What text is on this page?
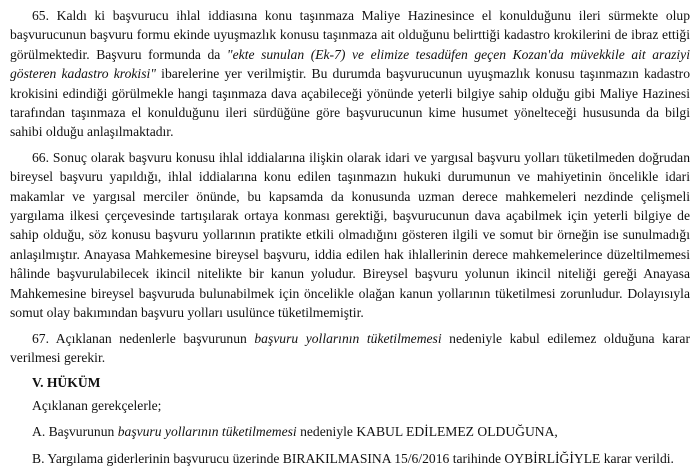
65. Kaldı ki başvurucu ihlal iddiasına konu taşınmaza Maliye Hazinesince el konulduğunu ileri sürmekte olup başvurucunun başvuru formu ekinde uyuşmazlık konusu taşınmaza ait olduğunu belirttiği kadastro krokilerini de ibraz ettiği görülmektedir. Başvuru formunda da "ekte sunulan (Ek-7) ve elimize tesadüfen geçen Kozan'da müvekkile ait araziyi gösteren kadastro krokisi" ibarelerine yer verilmiştir. Bu durumda başvurucunun uyuşmazlık konusu taşınmazın kadastro krokisini edindiği görülmekle hangi taşınmaza dava açabileceği yönünde yeterli bilgiye sahip olduğu gibi Maliye Hazinesi tarafından taşınmaza el konulduğunu ileri sürdüğüne göre başvurucunun kime husumet yönelteceği hususunda da bilgi sahibi olduğu anlaşılmaktadır.

66. Sonuç olarak başvuru konusu ihlal iddialarına ilişkin olarak idari ve yargısal başvuru yolları tüketilmeden doğrudan bireysel başvuru yapıldığı, ihlal iddialarına konu edilen taşınmazın hukuki durumunun ve mahiyetinin öncelikle idari makamlar ve yargısal merciler önünde, bu kapsamda da konusunda uzman derece mahkemeleri nezdinde çelişmeli yargılama ilkesi çerçevesinde tartışılarak ortaya konması gerektiği, başvurucunun dava açabilmek için yeterli bilgiye de sahip olduğu, söz konusu başvuru yollarının pratikte etkili olmadığını gösteren ilgili ve somut bir örneğin ise sunulmadığı anlaşılmıştır. Anayasa Mahkemesine bireysel başvuru, iddia edilen hak ihlallerinin derece mahkemelerince düzeltilmemesi hâlinde başvurulabilecek ikincil nitelikte bir kanun yoludur. Bireysel başvuru yolunun ikincil niteliği gereği Anayasa Mahkemesine bireysel başvuruda bulunabilmek için öncelikle olağan kanun yollarının tüketilmesi zorunludur. Dolayısıyla somut olay bakımından başvuru yolları usulünce tüketilmemiştir.

67. Açıklanan nedenlerle başvurunun başvuru yollarının tüketilmemesi nedeniyle kabul edilemez olduğuna karar verilmesi gerekir.

V. HÜKÜM

Açıklanan gerekçelerle;

A. Başvurunun başvuru yollarının tüketilmemesi nedeniyle KABUL EDİLEMEZ OLDUĞUNA,

B. Yargılama giderlerinin başvurucu üzerinde BIRAKILMASINA 15/6/2016 tarihinde OYBİRLİĞİYLE karar verildi.
